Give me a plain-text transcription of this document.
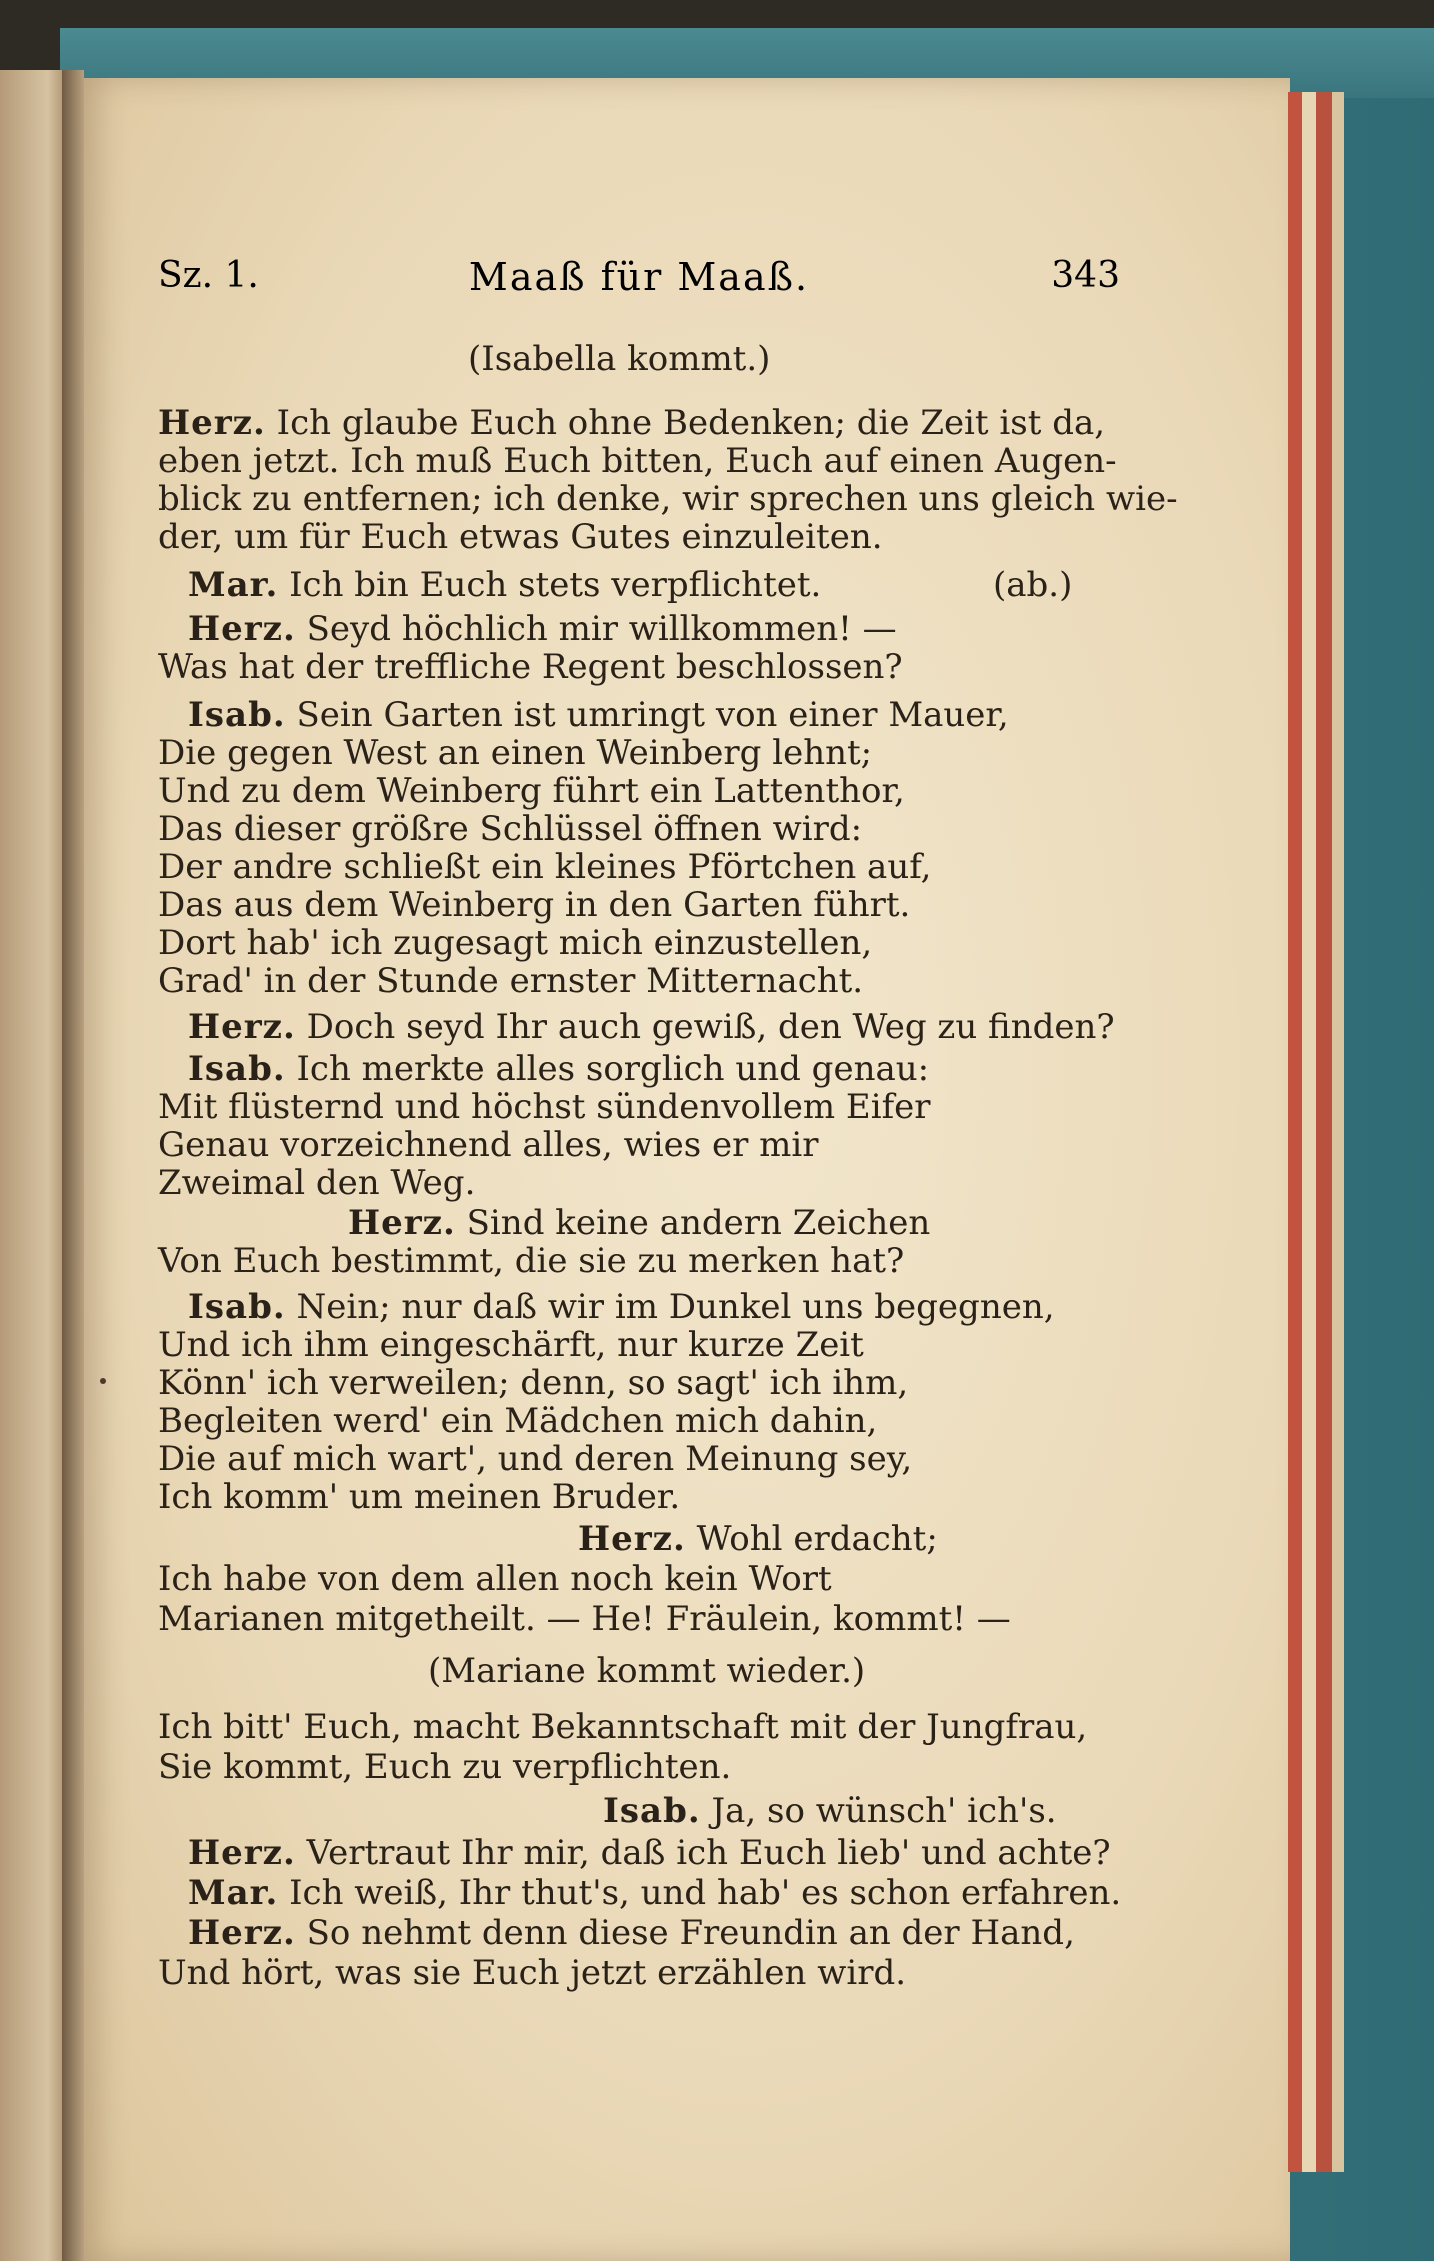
Sz. 1.	Maaß für Maaß.	343
(Isabella kommt.)
Herz. Ich glaube Euch ohne Bedenken; die Zeit ist da,
eben jetzt. Ich muß Euch bitten, Euch auf einen Augen-
blick zu entfernen; ich denke, wir sprechen uns gleich wie-
der, um für Euch etwas Gutes einzuleiten.
Mar. Ich bin Euch stets verpflichtet.	(ab.)
Herz. Seyd höchlich mir willkommen! —
Was hat der treffliche Regent beschlossen?
Isab. Sein Garten ist umringt von einer Mauer,
Die gegen West an einen Weinberg lehnt;
Und zu dem Weinberg führt ein Lattenthor,
Das dieser größre Schlüssel öffnen wird:
Der andre schließt ein kleines Pförtchen auf,
Das aus dem Weinberg in den Garten führt.
Dort hab' ich zugesagt mich einzustellen,
Grad' in der Stunde ernster Mitternacht.
Herz. Doch seyd Ihr auch gewiß, den Weg zu finden?
Isab. Ich merkte alles sorglich und genau:
Mit flüsternd und höchst sündenvollem Eifer
Genau vorzeichnend alles, wies er mir
Zweimal den Weg.
Herz. Sind keine andern Zeichen
Von Euch bestimmt, die sie zu merken hat?
Isab. Nein; nur daß wir im Dunkel uns begegnen,
Und ich ihm eingeschärft, nur kurze Zeit
Könn' ich verweilen; denn, so sagt' ich ihm,
Begleiten werd' ein Mädchen mich dahin,
Die auf mich wart', und deren Meinung sey,
Ich komm' um meinen Bruder.
Herz. Wohl erdacht;
Ich habe von dem allen noch kein Wort
Marianen mitgetheilt. — He! Fräulein, kommt! —
(Mariane kommt wieder.)
Ich bitt' Euch, macht Bekanntschaft mit der Jungfrau,
Sie kommt, Euch zu verpflichten.
Isab. Ja, so wünsch' ich's.
Herz. Vertraut Ihr mir, daß ich Euch lieb' und achte?
Mar. Ich weiß, Ihr thut's, und hab' es schon erfahren.
Herz. So nehmt denn diese Freundin an der Hand,
Und hört, was sie Euch jetzt erzählen wird.
